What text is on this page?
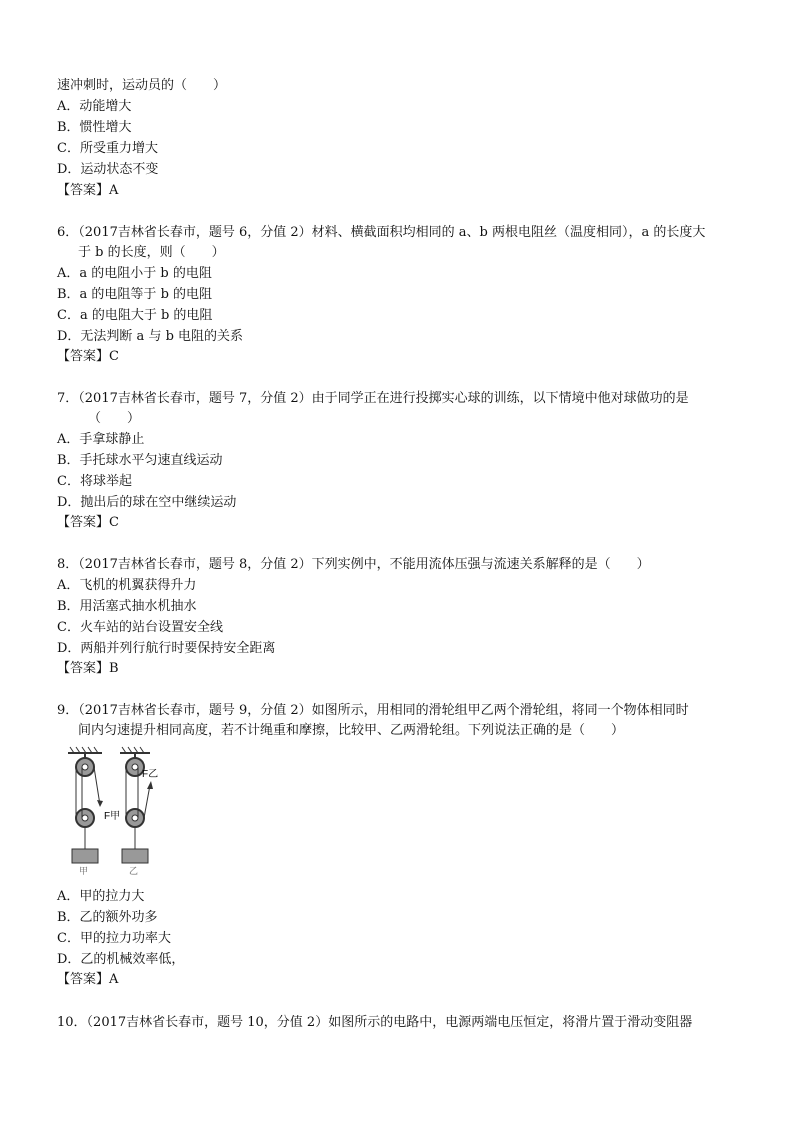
速冲刺时，运动员的（　　）
A．动能增大
B．惯性增大
C．所受重力增大
D．运动状态不变
【答案】A
6．（2017吉林省长春市，题号 6，分值 2）材料、横截面积均相同的 a、b 两根电阻丝（温度相同），a 的长度大
于 b 的长度，则（　　）
A．a 的电阻小于 b 的电阻
B．a 的电阻等于 b 的电阻
C．a 的电阻大于 b 的电阻
D．无法判断 a 与 b 电阻的关系
【答案】C
7．（2017吉林省长春市，题号 7，分值 2）由于同学正在进行投掷实心球的训练，以下情境中他对球做功的是
（　　）
A．手拿球静止
B．手托球水平匀速直线运动
C．将球举起
D．抛出后的球在空中继续运动
【答案】C
8．（2017吉林省长春市，题号 8，分值 2）下列实例中，不能用流体压强与流速关系解释的是（　　）
A．飞机的机翼获得升力
B．用活塞式抽水机抽水
C．火车站的站台设置安全线
D．两船并列行航行时要保持安全距离
【答案】B
9．（2017吉林省长春市，题号 9，分值 2）如图所示，用相同的滑轮组甲乙两个滑轮组，将同一个物体相同时
间内匀速提升相同高度，若不计绳重和摩擦，比较甲、乙两滑轮组。下列说法正确的是（　　）
F甲
F乙
甲	乙
A．甲的拉力大
B．乙的额外功多
C．甲的拉力功率大
D．乙的机械效率低，
【答案】A
10．（2017吉林省长春市，题号 10，分值 2）如图所示的电路中，电源两端电压恒定，将滑片置于滑动变阻器
